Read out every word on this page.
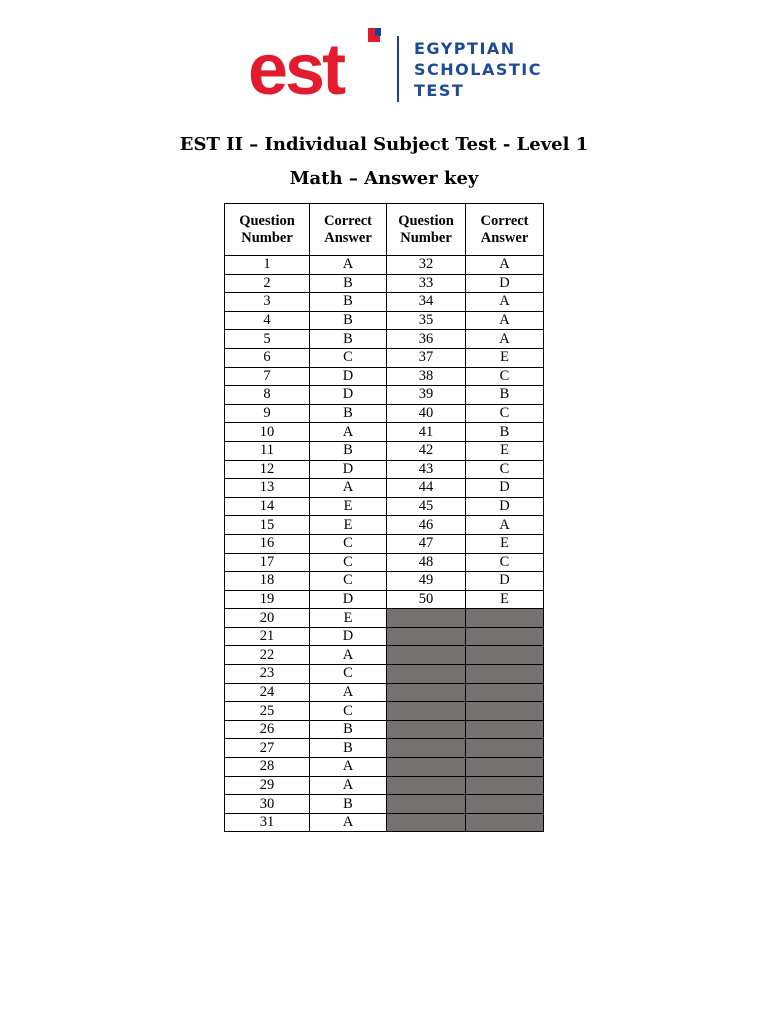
est	EGYPTIAN
SCHOLASTIC
TEST
EST II – Individual Subject Test - Level 1
Math – Answer key
Question Number	Correct Answer	Question Number	Correct Answer
1	A	32	A
2	B	33	D
3	B	34	A
4	B	35	A
5	B	36	A
6	C	37	E
7	D	38	C
8	D	39	B
9	B	40	C
10	A	41	B
11	B	42	E
12	D	43	C
13	A	44	D
14	E	45	D
15	E	46	A
16	C	47	E
17	C	48	C
18	C	49	D
19	D	50	E
20	E		
21	D		
22	A		
23	C		
24	A		
25	C		
26	B		
27	B		
28	A		
29	A		
30	B		
31	A		
